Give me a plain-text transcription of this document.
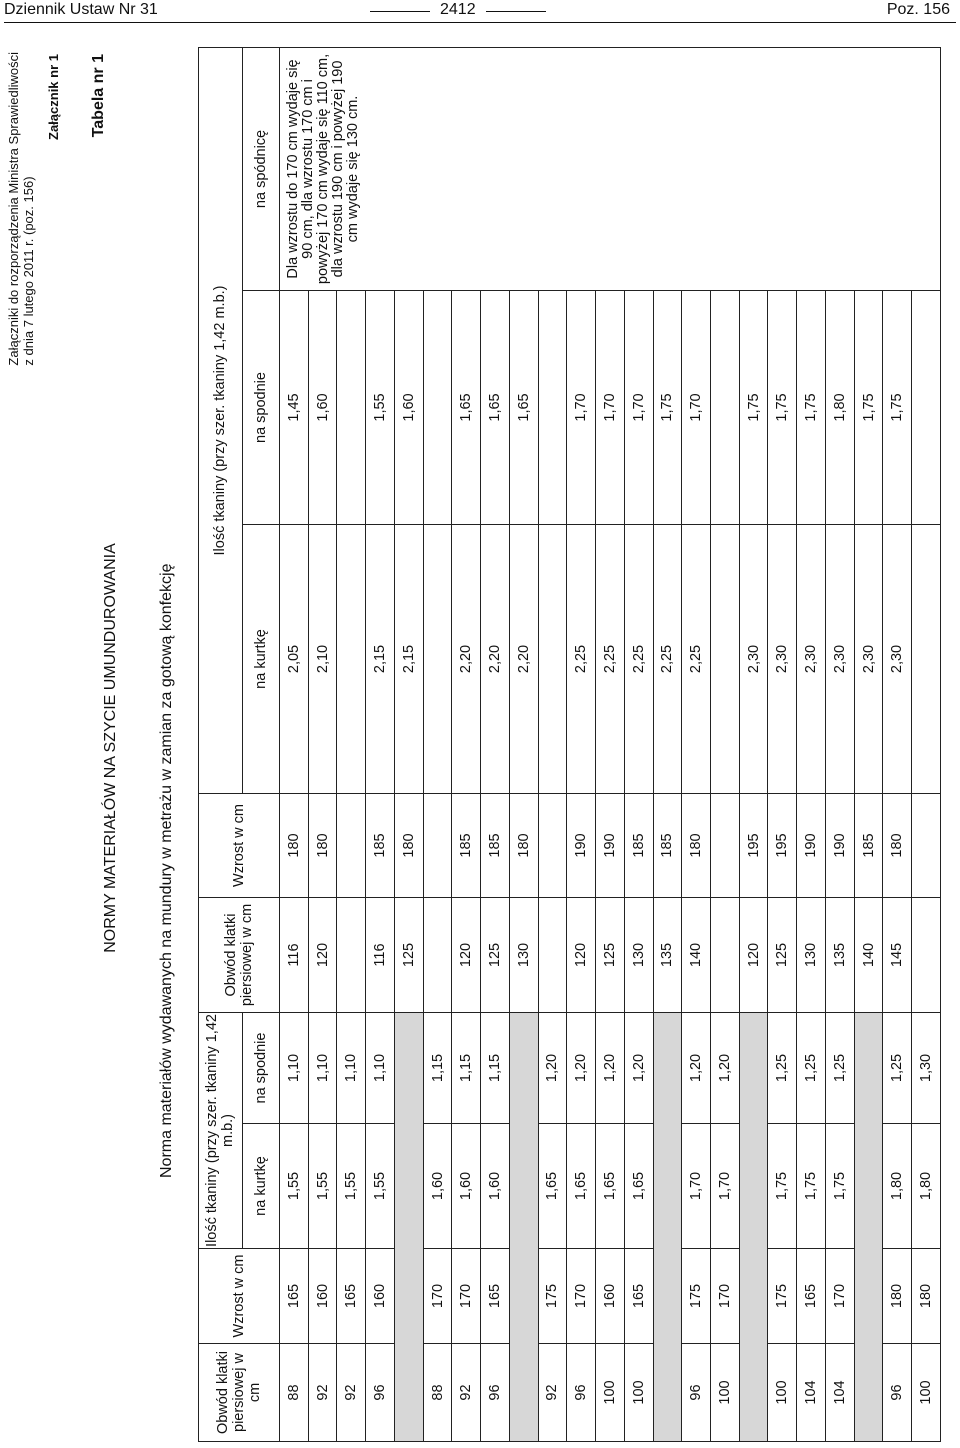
Dziennik Ustaw Nr 31	2412	Poz. 156
Załączniki do rozporządzenia Ministra Sprawiedliwości z dnia 7 lutego 2011 r. (poz. 156)
Załącznik nr 1 Tabela nr 1
NORMY MATERIAŁÓW NA SZYCIE UMUNDUROWANIA Norma materiałów wydawanych na mundury w metrażu w zamian za gotową konfekcję
Obwód klatki piersiowej w cm	Wzrost w cm	Ilość tkaniny (przy szer. tkaniny 1,42 m.b.)		Obwód klatki piersiowej w cm	Wzrost w cm	Ilość tkaniny (przy szer. tkaniny 1,42 m.b.)		
		na kurtkę	na spodnie			na kurtkę	na spodnie	na spódnicę
88	165	1,55	1,10	116	180	2,05	1,45	Dla wzrostu do 170 cm wydaje się 90 cm, dla wzrostu 170 cm i powyżej 170 cm wydaje się 110 cm, dla wzrostu 190 cm i powyżej 190 cm wydaje się 130 cm.
92	160	1,55	1,10	120	180	2,10	1,60	
92	165	1,55	1,10					
96	160	1,55	1,10	116	185	2,15	1,55	
				125	180	2,15	1,60	
88	170	1,60	1,15					
92	170	1,60	1,15	120	185	2,20	1,65	
96	165	1,60	1,15	125	185	2,20	1,65	
				130	180	2,20	1,65	
92	175	1,65	1,20					
96	170	1,65	1,20	120	190	2,25	1,70	
100	160	1,65	1,20	125	190	2,25	1,70	
100	165	1,65	1,20	130	185	2,25	1,70	
				135	185	2,25	1,75	
96	175	1,70	1,20	140	180	2,25	1,70	
100	170	1,70	1,20					
				120	195	2,30	1,75	
100	175	1,75	1,25	125	195	2,30	1,75	
104	165	1,75	1,25	130	190	2,30	1,75	
104	170	1,75	1,25	135	190	2,30	1,80	
				140	185	2,30	1,75	
96	180	1,80	1,25	145	180	2,30	1,75	
100	180	1,80	1,30					
